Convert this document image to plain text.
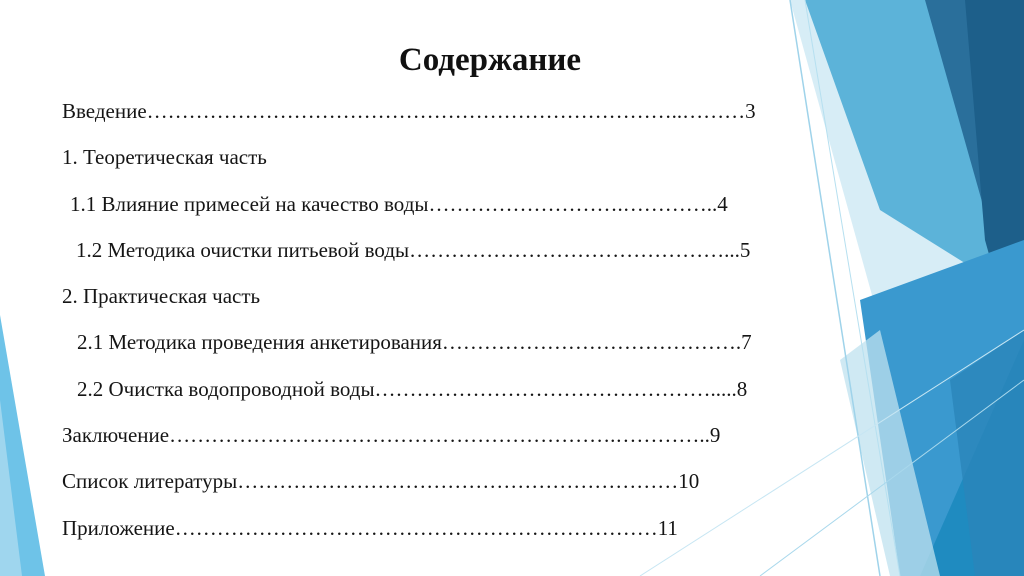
Содержание
Введение…………………………………………………………………..………3
1. Теоретическая часть
1.1 Влияние примесей на качество воды……………………….…………..4
1.2 Методика очистки питьевой воды………………………………………...5
2. Практическая часть
2.1 Методика проведения анкетирования…………………………………….7
2.2 Очистка водопроводной воды………………………………………….....8
Заключение……………………………………………………….…………..9
Список литературы………………………………………………………10
Приложение……………………………………………………………11
